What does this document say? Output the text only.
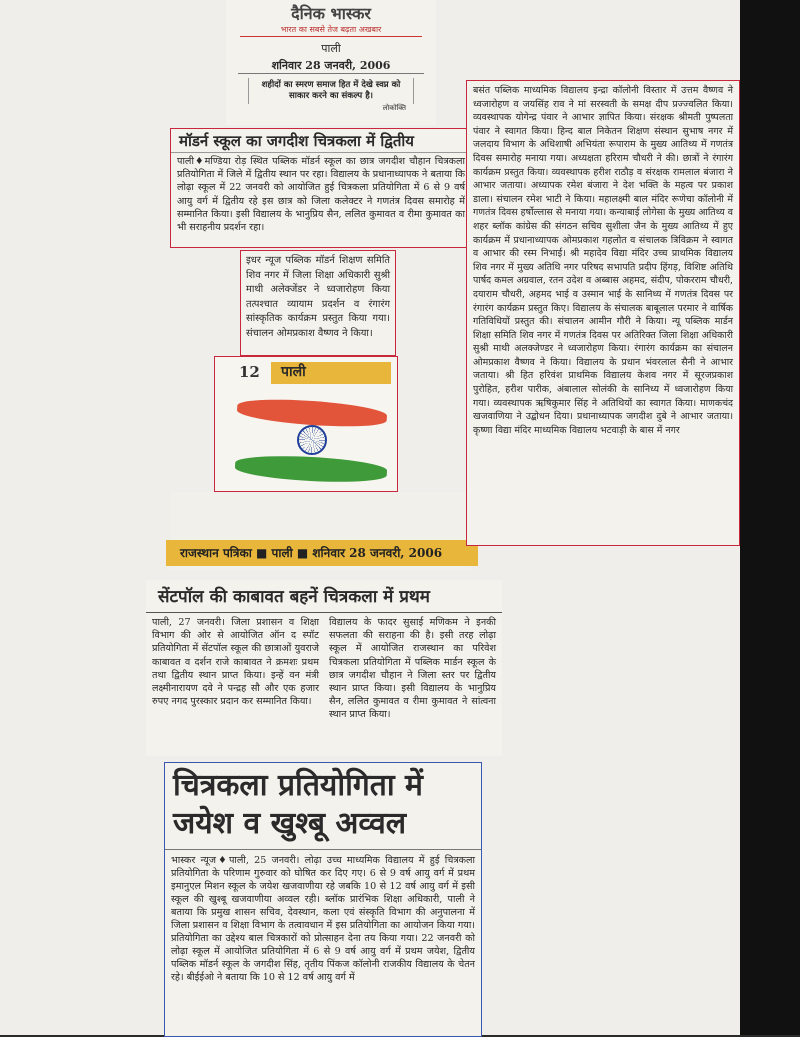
दैनिक भास्कर
भारत का सबसे तेज बढ़ता अखबार
पाली
शनिवार 28 जनवरी, 2006
शहीदों का स्मरण समाज हित में देखे स्वप्न को साकार करने का संकल्प है।
लोकोक्ति
मॉडर्न स्कूल का जगदीश चित्रकला में द्वितीय

पाली♦मण्डिया रोड़ स्थित पब्लिक मॉडर्न स्कूल का छात्र जगदीश चौहान चित्रकला प्रतियोगिता में जिले में द्वितीय स्थान पर रहा। विद्यालय के प्रधानाध्यापक ने बताया कि लोढ़ा स्कूल में 22 जनवरी को आयोजित हुई चित्रकला प्रतियोगिता में 6 से 9 वर्ष आयु वर्ग में द्वितीय रहे इस छात्र को जिला कलेक्टर ने गणतंत्र दिवस समारोह में सम्मानित किया। इसी विद्यालय के भानुप्रिय सैन, ललित कुमावत व रीमा कुमावत का भी सराहनीय प्रदर्शन रहा।

इधर न्यूज पब्लिक मॉडर्न शिक्षण समिति शिव नगर में जिला शिक्षा अधिकारी सुश्री माथी अलेक्जेंडर ने ध्वजारोहण किया तत्पश्चात व्यायाम प्रदर्शन व रंगारंग सांस्कृतिक कार्यक्रम प्रस्तुत किया गया। संचालन ओमप्रकाश वैष्णव ने किया।

12	पाली
राजस्थान पत्रिका ■ पाली ■ शनिवार 28 जनवरी, 2006

बसंत पब्लिक माध्यमिक विद्यालय इन्द्रा कॉलोनी विस्तार में उत्तम वैष्णव ने ध्वजारोहण व जयसिंह राव ने मां सरस्वती के समक्ष दीप प्रज्ज्वलित किया। व्यवस्थापक योगेन्द्र पंवार ने आभार ज्ञापित किया। संरक्षक श्रीमती पुष्पलता पंवार ने स्वागत किया। हिन्द बाल निकेतन शिक्षण संस्थान सुभाष नगर में जलदाय विभाग के अधिशाषी अभियंता रूपाराम के मुख्य आतिथ्य में गणतंत्र दिवस समारोह मनाया गया। अध्यक्षता हरिराम चौधरी ने की। छात्रों ने रंगारंग कार्यक्रम प्रस्तुत किया। व्यवस्थापक हरीश राठौड़ व संरक्षक रामलाल बंजारा ने आभार जताया। अध्यापक रमेश बंजारा ने देश भक्ति के महत्व पर प्रकाश डाला। संचालन रमेश भाटी ने किया। महालक्ष्मी बाल मंदिर रूणेचा कॉलोनी में गणतंत्र दिवस हर्षोल्लास से मनाया गया। कन्याबाई लोगेसा के मुख्य आतिथ्य व शहर ब्लॉक कांग्रेस की संगठन सचिव सुशीला जैन के मुख्य आतिथ्य में हुए कार्यक्रम में प्रधानाध्यापक ओमप्रकाश गहलोत व संचालक त्रिविक्रम ने स्वागत व आभार की रस्म निभाई। श्री महादेव विद्या मंदिर उच्च प्राथमिक विद्यालय शिव नगर में मुख्य अतिथि नगर परिषद सभापति प्रदीप हिंगड़, विशिष्ट अतिथि पार्षद कमल अग्रवाल, रतन उदेश व अब्बास अहमद, संदीप, पोकरराम चौधरी, दयाराम चौधरी, अहमद भाई व उस्मान भाई के सानिध्य में गणतंत्र दिवस पर रंगारंग कार्यक्रम प्रस्तुत किए। विद्यालय के संचालक बाबूलाल परमार ने वार्षिक गतिविधियों प्रस्तुत की। संचालन आमीन गौरी ने किया। न्यू पब्लिक मार्डन शिक्षा समिति शिव नगर में गणतंत्र दिवस पर अतिरिक्त जिला शिक्षा अधिकारी सुश्री माथी अलक्जेण्डर ने ध्वजारोहण किया। रंगारंग कार्यक्रम का संचालन ओमप्रकाश वैष्णव ने किया। विद्यालय के प्रधान भंवरलाल सैनी ने आभार जताया। श्री हित हरिवंश प्राथमिक विद्यालय केशव नगर में सूरजप्रकाश पुरोहित, हरीश पारीक, अंबालाल सोलंकी के सानिध्य में ध्वजारोहण किया गया। व्यवस्थापक ऋषिकुमार सिंह ने अतिथियों का स्वागत किया। माणकचंद खजवाणिया ने उद्बोधन दिया। प्रधानाध्यापक जगदीश दुबे ने आभार जताया। कृष्णा विद्या मंदिर माध्यमिक विद्यालय भटवाड़ी के बास में नगर

सेंटपॉल की काबावत बहनें चित्रकला में प्रथम

पाली, 27 जनवरी। जिला प्रशासन व शिक्षा विभाग की ओर से आयोजित ऑन द स्पॉट प्रतियोगिता में सेंटपॉल स्कूल की छात्राओं युवराजे काबावत व दर्शन राजे काबावत ने क्रमशः प्रथम तथा द्वितीय स्थान प्राप्त किया। इन्हें वन मंत्री लक्ष्मीनारायण दवे ने पन्द्रह सौ और एक हजार रुपए नगद पुरस्कार प्रदान कर सम्मानित किया।

विद्यालय के फादर सुसाई मणिकम ने इनकी सफलता की सराहना की है। इसी तरह लोढ़ा स्कूल में आयोजित राजस्थान का परिवेश चित्रकला प्रतियोगिता में पब्लिक मार्डन स्कूल के छात्र जगदीश चौहान ने जिला स्तर पर द्वितीय स्थान प्राप्त किया। इसी विद्यालय के भानुप्रिय सैन, ललित कुमावत व रीमा कुमावत ने सांत्वना स्थान प्राप्त किया।

चित्रकला प्रतियोगिता में
जयेश व खुश्बू अव्वल

भास्कर न्यूज♦पाली, 25 जनवरी। लोढ़ा उच्च माध्यमिक विद्यालय में हुई चित्रकला प्रतियोगिता के परिणाम गुरुवार को घोषित कर दिए गए। 6 से 9 वर्ष आयु वर्ग में प्रथम इमानुएल मिशन स्कूल के जयेश खजवाणीया रहे जबकि 10 से 12 वर्ष आयु वर्ग में इसी स्कूल की खुश्बू खजवाणीया अव्वल रही। ब्लॉक प्रारंभिक शिक्षा अधिकारी, पाली ने बताया कि प्रमुख शासन सचिव, देवस्थान, कला एवं संस्कृति विभाग की अनुपालना में जिला प्रशासन व शिक्षा विभाग के तत्वावधान में इस प्रतियोगिता का आयोजन किया गया। प्रतियोगिता का उद्देश्य बाल चित्रकारों को प्रोत्साहन देना तय किया गया। 22 जनवरी को लोढ़ा स्कूल में आयोजित प्रतियोगिता में 6 से 9 वर्ष आयु वर्ग में प्रथम जयेश, द्वितीय पब्लिक मॉडर्न स्कूल के जगदीश सिंह, तृतीय पिंकज कॉलोनी राजकीय विद्यालय के चेतन रहे। बीईईओ ने बताया कि 10 से 12 वर्ष आयु वर्ग में
